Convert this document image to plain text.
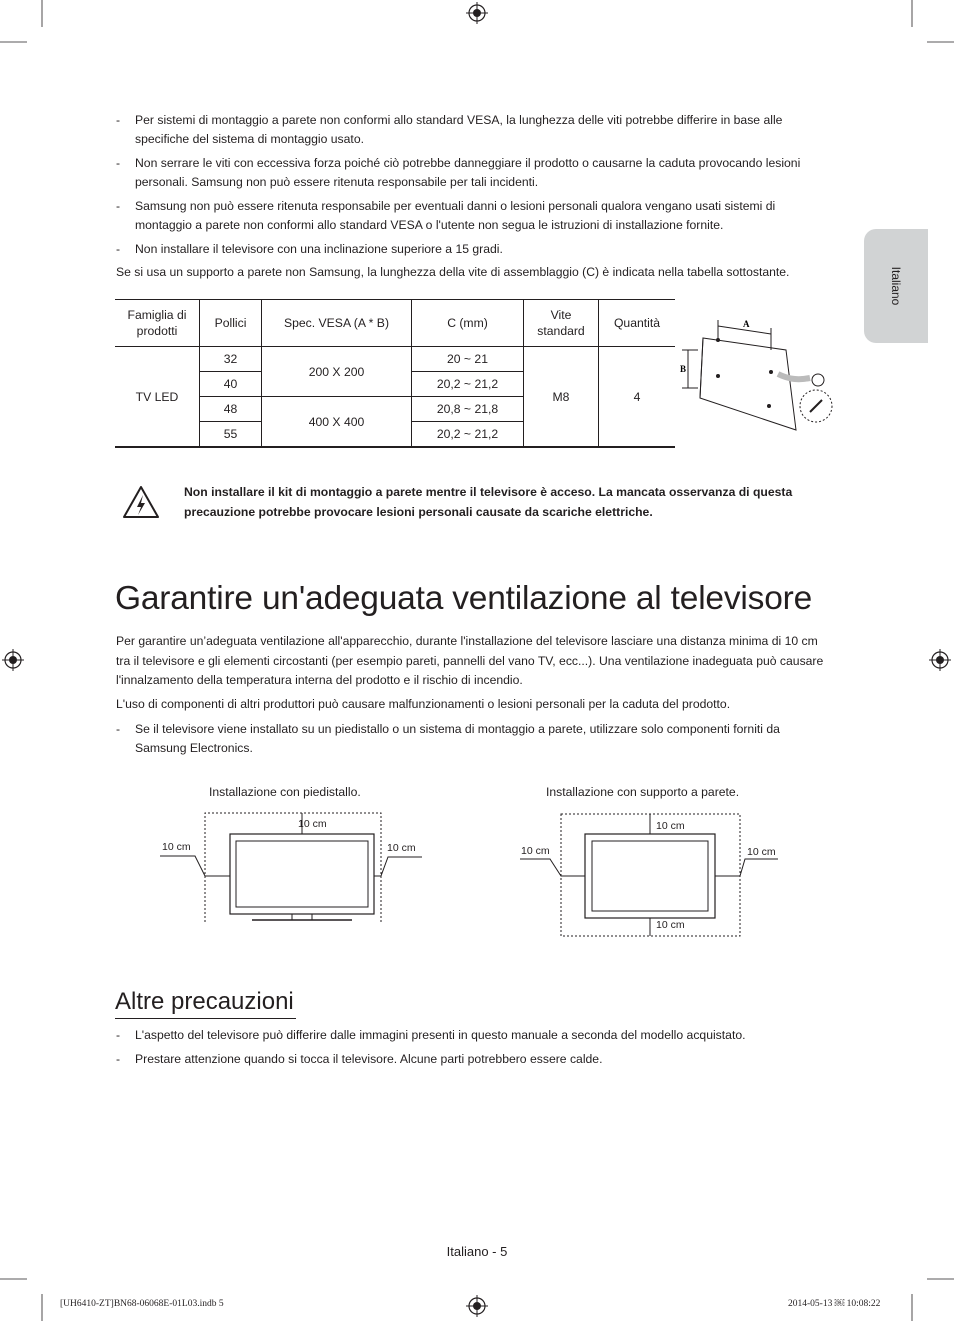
Italiano
- Per sistemi di montaggio a parete non conformi allo standard VESA, la lunghezza delle viti potrebbe differire in base alle specifiche del sistema di montaggio usato.
- Non serrare le viti con eccessiva forza poiché ciò potrebbe danneggiare il prodotto o causarne la caduta provocando lesioni personali. Samsung non può essere ritenuta responsabile per tali incidenti.
- Samsung non può essere ritenuta responsabile per eventuali danni o lesioni personali qualora vengano usati sistemi di montaggio a parete non conformi allo standard VESA o l'utente non segua le istruzioni di installazione fornite.
- Non installare il televisore con una inclinazione superiore a 15 gradi.
Se si usa un supporto a parete non Samsung, la lunghezza della vite di assemblaggio (C) è indicata nella tabella sottostante.
Famiglia di prodotti	Pollici	Spec. VESA (A * B)	C (mm)	Vite standard	Quantità
TV LED	32	200 X 200	20 ~ 21	M8	4
	40		20,2 ~ 21,2		
	48	400 X 400	20,8 ~ 21,8		
	55		20,2 ~ 21,2		
A
B
Non installare il kit di montaggio a parete mentre il televisore è acceso. La mancata osservanza di questa precauzione potrebbe provocare lesioni personali causate da scariche elettriche.
Garantire un'adeguata ventilazione al televisore
Per garantire un’adeguata ventilazione all'apparecchio, durante l'installazione del televisore lasciare una distanza minima di 10 cm tra il televisore e gli elementi circostanti (per esempio pareti, pannelli del vano TV, ecc...). Una ventilazione inadeguata può causare l'innalzamento della temperatura interna del prodotto e il rischio di incendio.
L'uso di componenti di altri produttori può causare malfunzionamenti o lesioni personali per la caduta del prodotto.
- Se il televisore viene installato su un piedistallo o un sistema di montaggio a parete, utilizzare solo componenti forniti da Samsung Electronics.
Installazione con piedistallo.	Installazione con supporto a parete.
10 cm
10 cm	10 cm
10 cm
10 cm	10 cm
10 cm
Altre precauzioni
- L'aspetto del televisore può differire dalle immagini presenti in questo manuale a seconda del modello acquistato.
- Prestare attenzione quando si tocca il televisore. Alcune parti potrebbero essere calde.
Italiano - 5
[UH6410-ZT]BN68-06068E-01L03.indb 5	2014-05-13 ￼ 10:08:22
